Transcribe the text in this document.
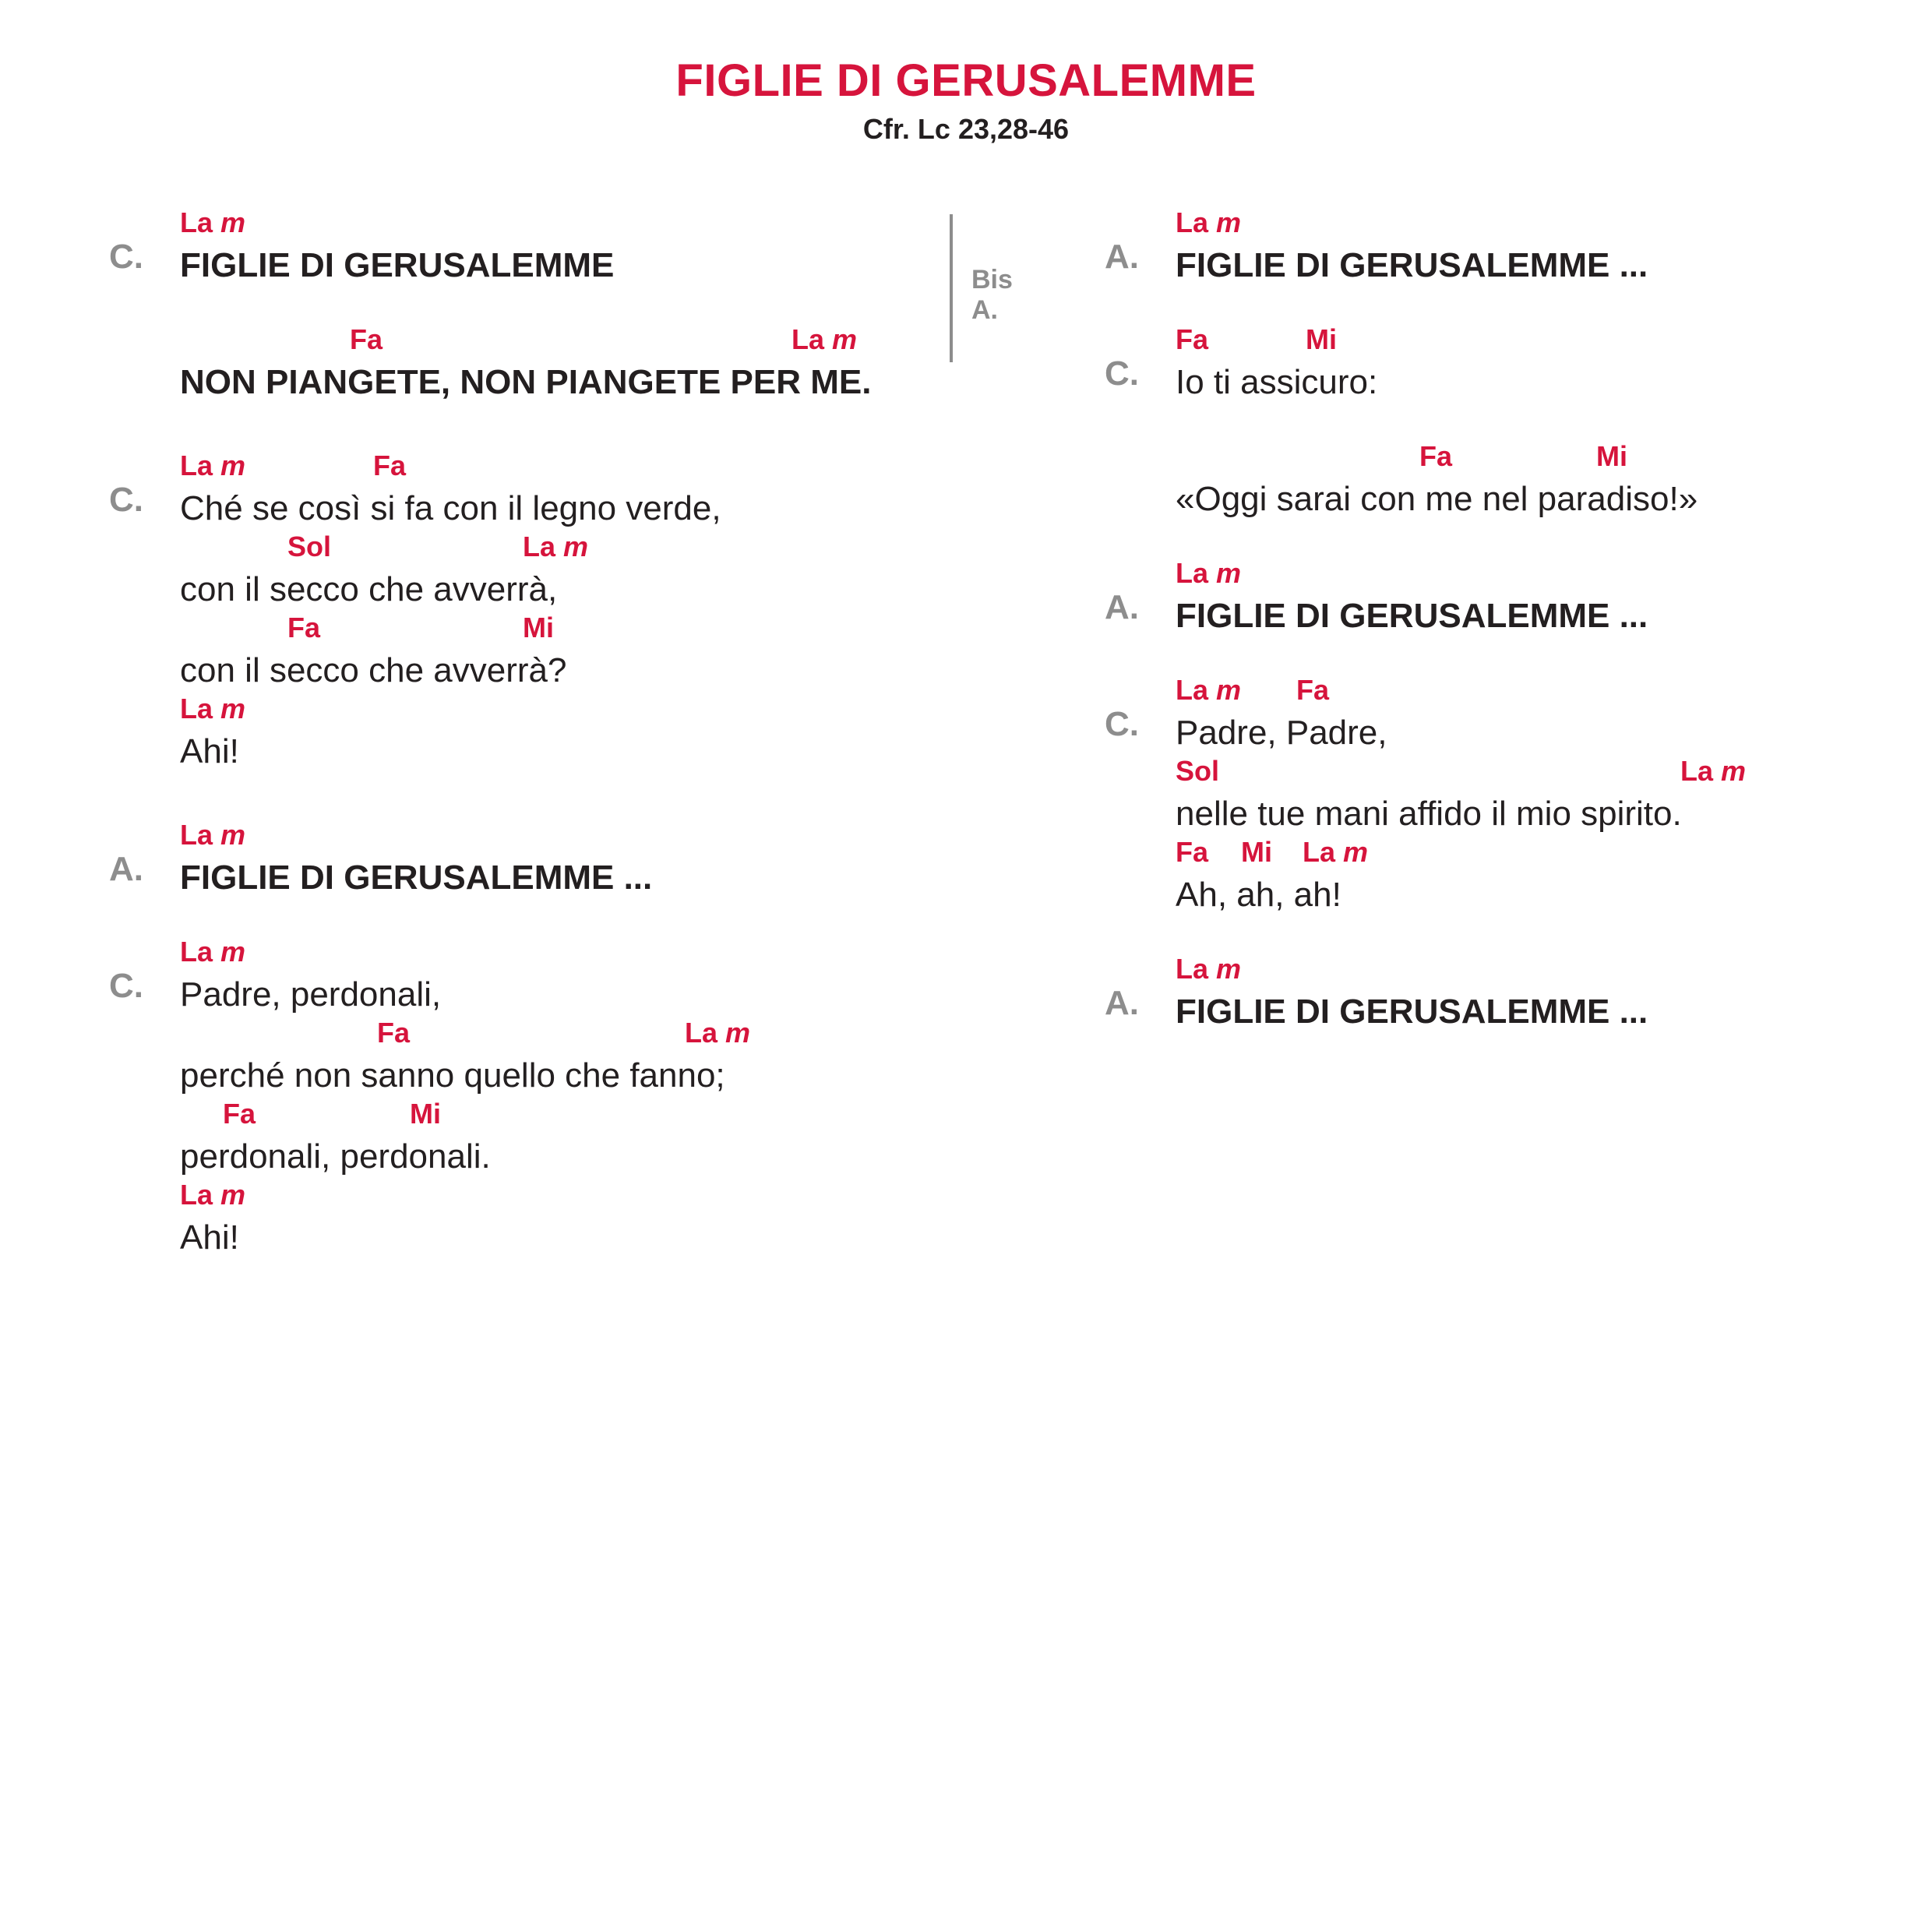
FIGLIE DI GERUSALEMME
Cfr. Lc 23,28-46
C.
La m
FIGLIE DI GERUSALEMME
Fa	La m
NON PIANGETE, NON PIANGETE PER ME.
Bis A.
C.
La m	Fa
Ché se così si fa con il legno verde,
Sol	La m
con il secco che avverrà,
Fa	Mi
con il secco che avverrà?
La m
Ahi!
A.
La m
FIGLIE DI GERUSALEMME ...
C.
La m
Padre, perdonali,
Fa	La m
perché non sanno quello che fanno;
Fa	Mi
perdonali, perdonali.
La m
Ahi!
A.
La m
FIGLIE DI GERUSALEMME ...
C.
Fa	Mi
Io ti assicuro:
Fa	Mi
«Oggi sarai con me nel paradiso!»
A.
La m
FIGLIE DI GERUSALEMME ...
C.
La m Fa
Padre, Padre,
Sol	La m
nelle tue mani affido il mio spirito.
Fa Mi La m
Ah, ah, ah!
A.
La m
FIGLIE DI GERUSALEMME ...
